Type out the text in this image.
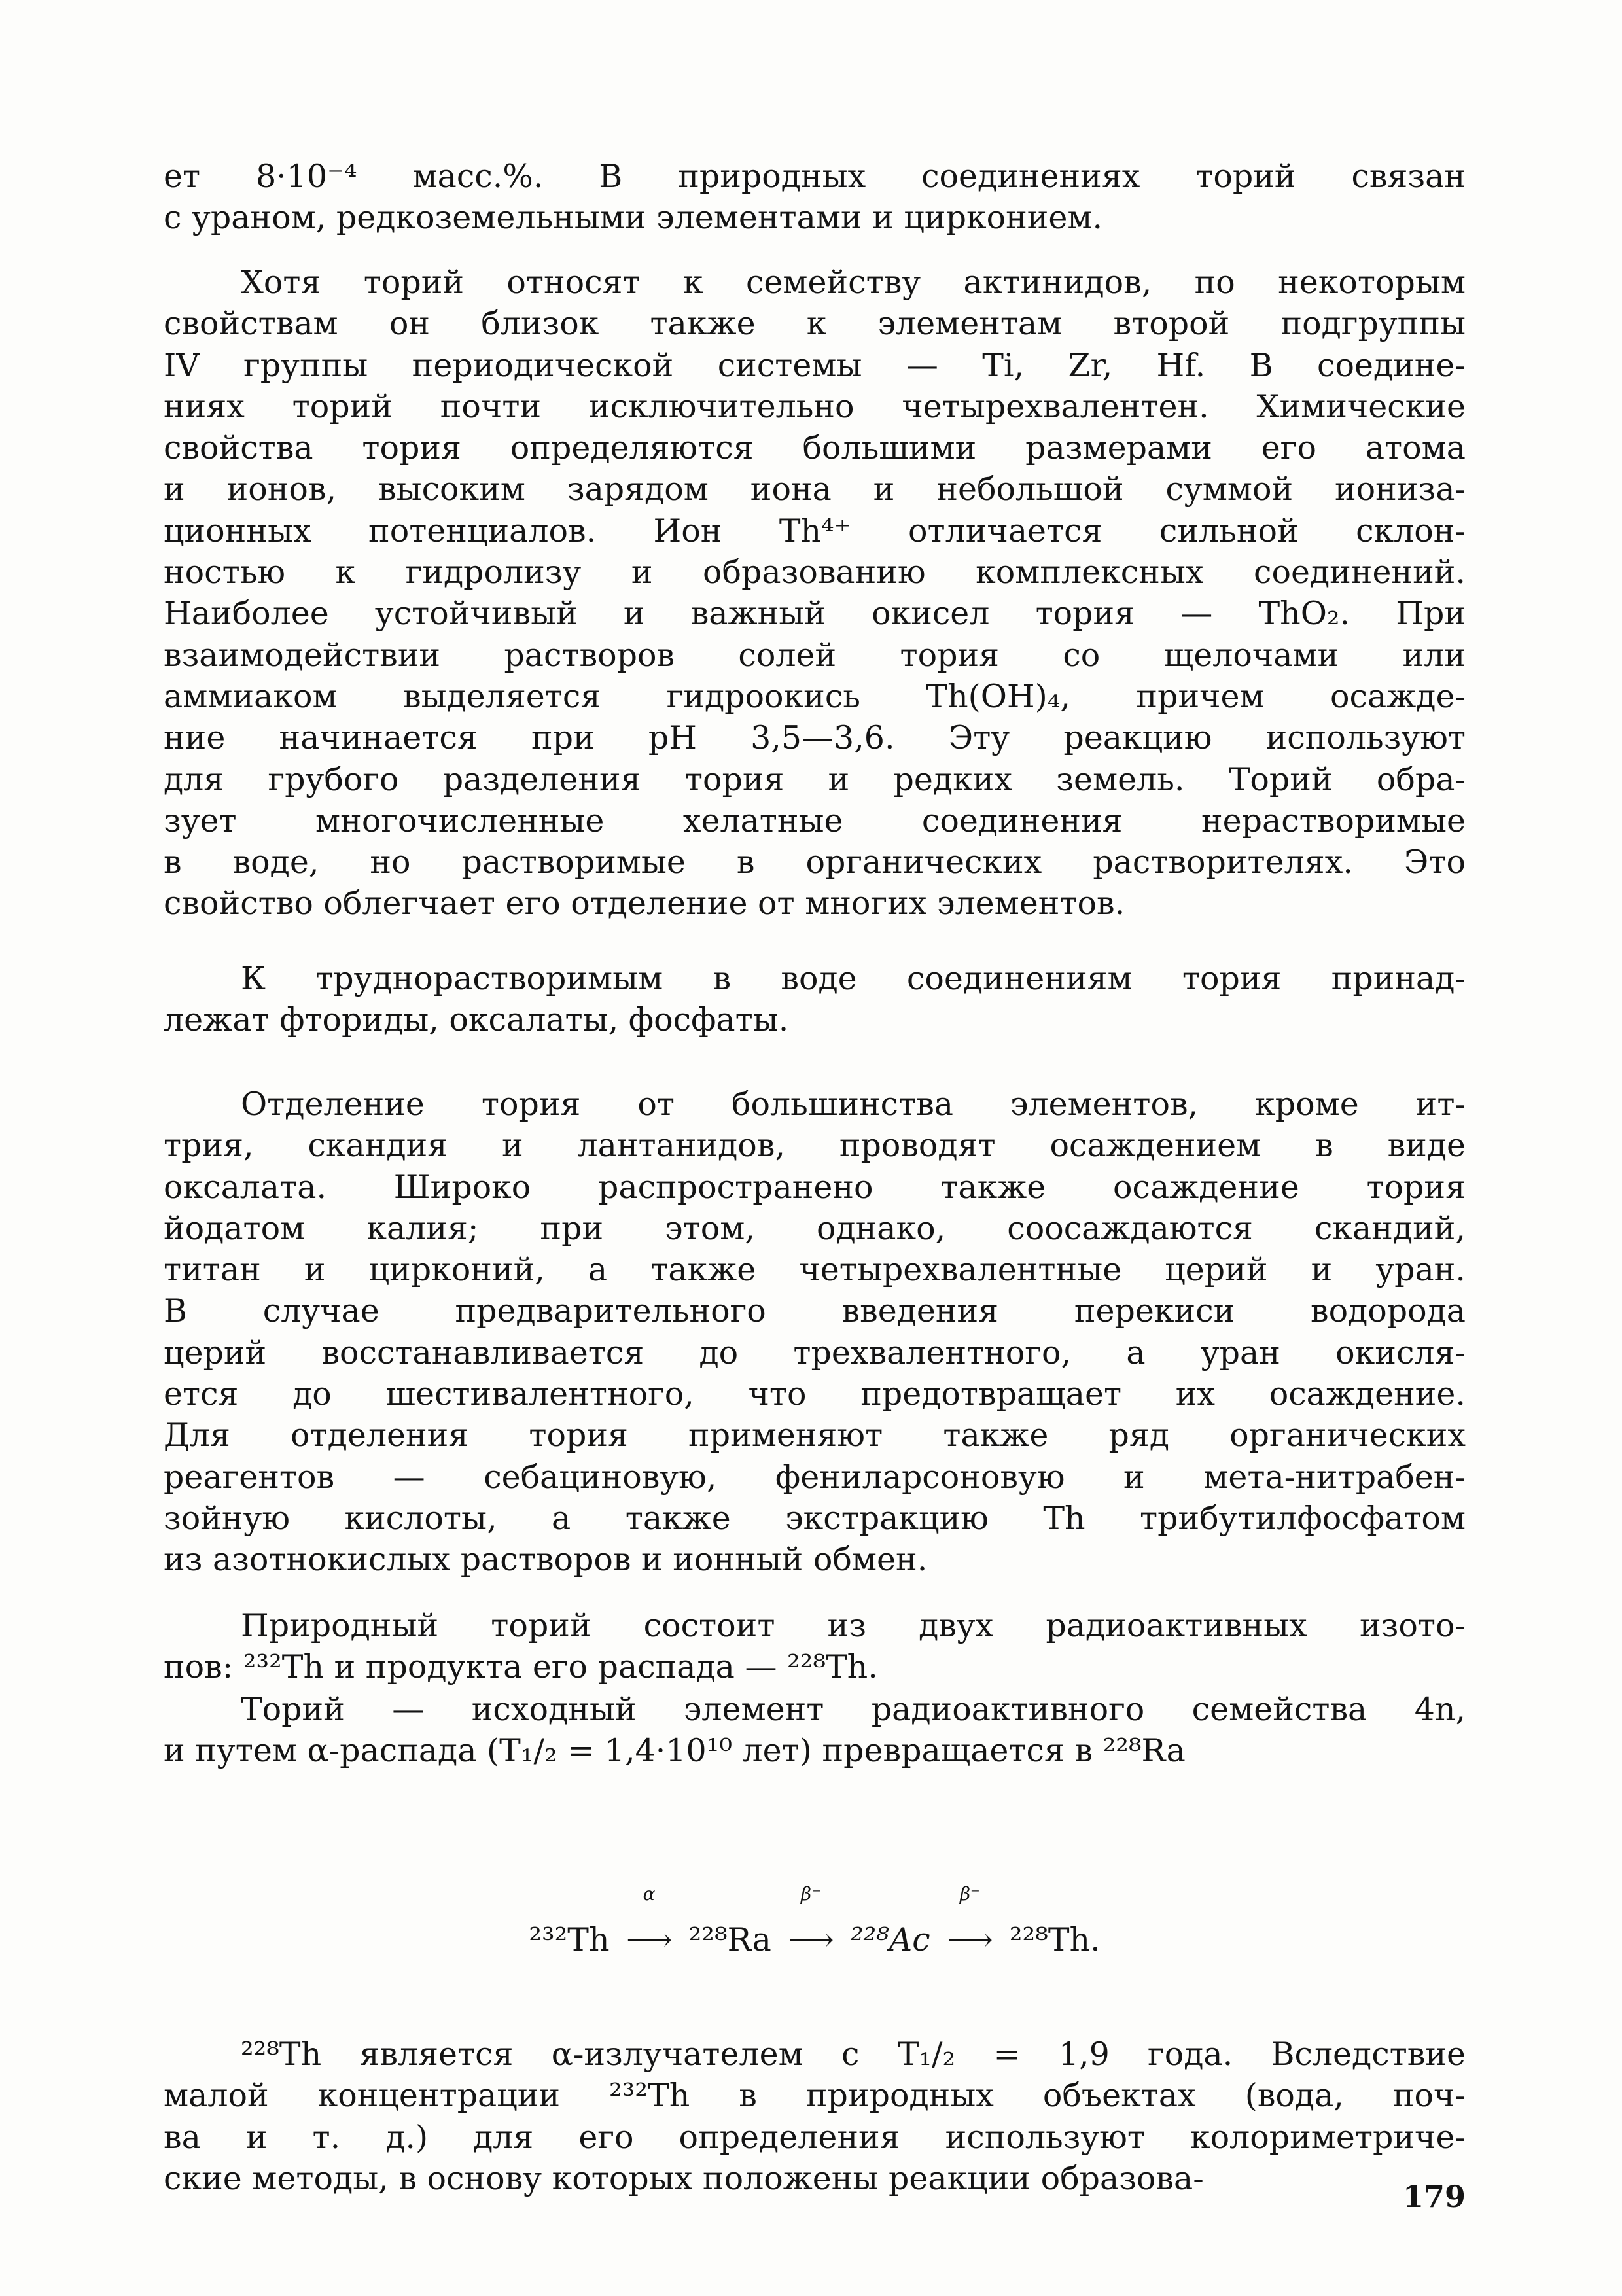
ет 8·10⁻⁴ масс.%. В природных соединениях торий связан
с ураном, редкоземельными элементами и цирконием.
Хотя торий относят к семейству актинидов, по некоторым
свойствам он близок также к элементам второй подгруппы
IV группы периодической системы — Ti, Zr, Hf. В соедине-
ниях торий почти исключительно четырехвалентен. Химические
свойства тория определяются большими размерами его атома
и ионов, высоким зарядом иона и небольшой суммой иониза-
ционных потенциалов. Ион Th⁴⁺ отличается сильной склон-
ностью к гидролизу и образованию комплексных соединений.
Наиболее устойчивый и важный окисел тория — ThO₂. При
взаимодействии растворов солей тория со щелочами или
аммиаком выделяется гидроокись Th(OH)₄, причем осажде-
ние начинается при pH 3,5—3,6. Эту реакцию используют
для грубого разделения тория и редких земель. Торий обра-
зует многочисленные хелатные соединения нерастворимые
в воде, но растворимые в органических растворителях. Это
свойство облегчает его отделение от многих элементов.
К труднорастворимым в воде соединениям тория принад-
лежат фториды, оксалаты, фосфаты.
Отделение тория от большинства элементов, кроме ит-
трия, скандия и лантанидов, проводят осаждением в виде
оксалата. Широко распространено также осаждение тория
йодатом калия; при этом, однако, соосаждаются скандий,
титан и цирконий, а также четырехвалентные церий и уран.
В случае предварительного введения перекиси водорода
церий восстанавливается до трехвалентного, а уран окисля-
ется до шестивалентного, что предотвращает их осаждение.
Для отделения тория применяют также ряд органических
реагентов — себациновую, фениларсоновую и мета-нитрабен-
зойную кислоты, а также экстракцию Th трибутилфосфатом
из азотнокислых растворов и ионный обмен.
Природный торий состоит из двух радиоактивных изото-
пов: ²³²Th и продукта его распада — ²²⁸Th.
Торий — исходный элемент радиоактивного семейства 4n,
и путем α-распада (T₁/₂ = 1,4·10¹⁰ лет) превращается в ²²⁸Ra
²³²Th
α
⟶ ²²⁸Ra
β⁻
⟶ ²²⁸Ac
β⁻
⟶ ²²⁸Th.
²²⁸Th является α-излучателем с T₁/₂ = 1,9 года. Вследствие
малой концентрации ²³²Th в природных объектах (вода, поч-
ва и т. д.) для его определения используют колориметриче-
ские методы, в основу которых положены реакции образова-	179
